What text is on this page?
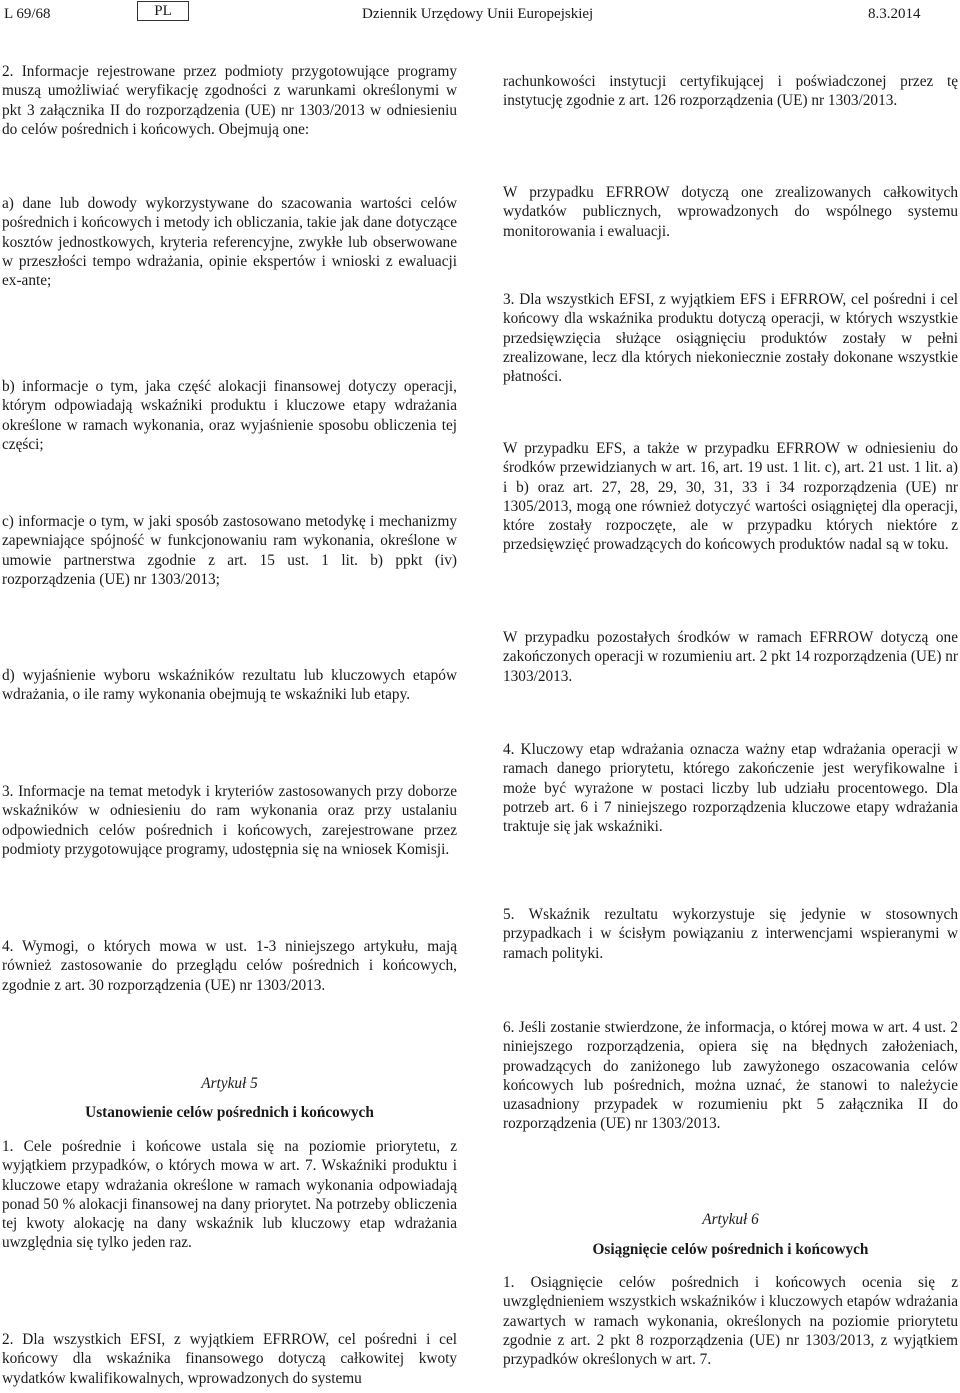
L 69/68	PL	Dziennik Urzędowy Unii Europejskiej	8.3.2014

2. Informacje rejestrowane przez podmioty przygotowujące programy muszą umożliwiać weryfikację zgodności z warunkami określonymi w pkt 3 załącznika II do rozporządzenia (UE) nr 1303/2013 w odniesieniu do celów pośrednich i końcowych. Obejmują one:

a) dane lub dowody wykorzystywane do szacowania wartości celów pośrednich i końcowych i metody ich obliczania, takie jak dane dotyczące kosztów jednostkowych, kryteria referencyjne, zwykłe lub obserwowane w przeszłości tempo wdrażania, opinie ekspertów i wnioski z ewaluacji ex-ante;

b) informacje o tym, jaka część alokacji finansowej dotyczy operacji, którym odpowiadają wskaźniki produktu i kluczowe etapy wdrażania określone w ramach wykonania, oraz wyjaśnienie sposobu obliczenia tej części;

c) informacje o tym, w jaki sposób zastosowano metodykę i mechanizmy zapewniające spójność w funkcjonowaniu ram wykonania, określone w umowie partnerstwa zgodnie z art. 15 ust. 1 lit. b) ppkt (iv) rozporządzenia (UE) nr 1303/2013;

d) wyjaśnienie wyboru wskaźników rezultatu lub kluczowych etapów wdrażania, o ile ramy wykonania obejmują te wskaźniki lub etapy.

3. Informacje na temat metodyk i kryteriów zastosowanych przy doborze wskaźników w odniesieniu do ram wykonania oraz przy ustalaniu odpowiednich celów pośrednich i końcowych, zarejestrowane przez podmioty przygotowujące programy, udostępnia się na wniosek Komisji.

4. Wymogi, o których mowa w ust. 1-3 niniejszego artykułu, mają również zastosowanie do przeglądu celów pośrednich i końcowych, zgodnie z art. 30 rozporządzenia (UE) nr 1303/2013.

Artykuł 5
Ustanowienie celów pośrednich i końcowych

1. Cele pośrednie i końcowe ustala się na poziomie priorytetu, z wyjątkiem przypadków, o których mowa w art. 7. Wskaźniki produktu i kluczowe etapy wdrażania określone w ramach wykonania odpowiadają ponad 50 % alokacji finansowej na dany priorytet. Na potrzeby obliczenia tej kwoty alokację na dany wskaźnik lub kluczowy etap wdrażania uwzględnia się tylko jeden raz.

2. Dla wszystkich EFSI, z wyjątkiem EFRROW, cel pośredni i cel końcowy dla wskaźnika finansowego dotyczą całkowitej kwoty wydatków kwalifikowalnych, wprowadzonych do systemu

rachunkowości instytucji certyfikującej i poświadczonej przez tę instytucję zgodnie z art. 126 rozporządzenia (UE) nr 1303/2013.

W przypadku EFRROW dotyczą one zrealizowanych całkowitych wydatków publicznych, wprowadzonych do wspólnego systemu monitorowania i ewaluacji.

3. Dla wszystkich EFSI, z wyjątkiem EFS i EFRROW, cel pośredni i cel końcowy dla wskaźnika produktu dotyczą operacji, w których wszystkie przedsięwzięcia służące osiągnięciu produktów zostały w pełni zrealizowane, lecz dla których niekoniecznie zostały dokonane wszystkie płatności.

W przypadku EFS, a także w przypadku EFRROW w odniesieniu do środków przewidzianych w art. 16, art. 19 ust. 1 lit. c), art. 21 ust. 1 lit. a) i b) oraz art. 27, 28, 29, 30, 31, 33 i 34 rozporządzenia (UE) nr 1305/2013, mogą one również dotyczyć wartości osiągniętej dla operacji, które zostały rozpoczęte, ale w przypadku których niektóre z przedsięwzięć prowadzących do końcowych produktów nadal są w toku.

W przypadku pozostałych środków w ramach EFRROW dotyczą one zakończonych operacji w rozumieniu art. 2 pkt 14 rozporządzenia (UE) nr 1303/2013.

4. Kluczowy etap wdrażania oznacza ważny etap wdrażania operacji w ramach danego priorytetu, którego zakończenie jest weryfikowalne i może być wyrażone w postaci liczby lub udziału procentowego. Dla potrzeb art. 6 i 7 niniejszego rozporządzenia kluczowe etapy wdrażania traktuje się jak wskaźniki.

5. Wskaźnik rezultatu wykorzystuje się jedynie w stosownych przypadkach i w ścisłym powiązaniu z interwencjami wspieranymi w ramach polityki.

6. Jeśli zostanie stwierdzone, że informacja, o której mowa w art. 4 ust. 2 niniejszego rozporządzenia, opiera się na błędnych założeniach, prowadzących do zaniżonego lub zawyżonego oszacowania celów końcowych lub pośrednich, można uznać, że stanowi to należycie uzasadniony przypadek w rozumieniu pkt 5 załącznika II do rozporządzenia (UE) nr 1303/2013.

Artykuł 6
Osiągnięcie celów pośrednich i końcowych

1. Osiągnięcie celów pośrednich i końcowych ocenia się z uwzględnieniem wszystkich wskaźników i kluczowych etapów wdrażania zawartych w ramach wykonania, określonych na poziomie priorytetu zgodnie z art. 2 pkt 8 rozporządzenia (UE) nr 1303/2013, z wyjątkiem przypadków określonych w art. 7.
